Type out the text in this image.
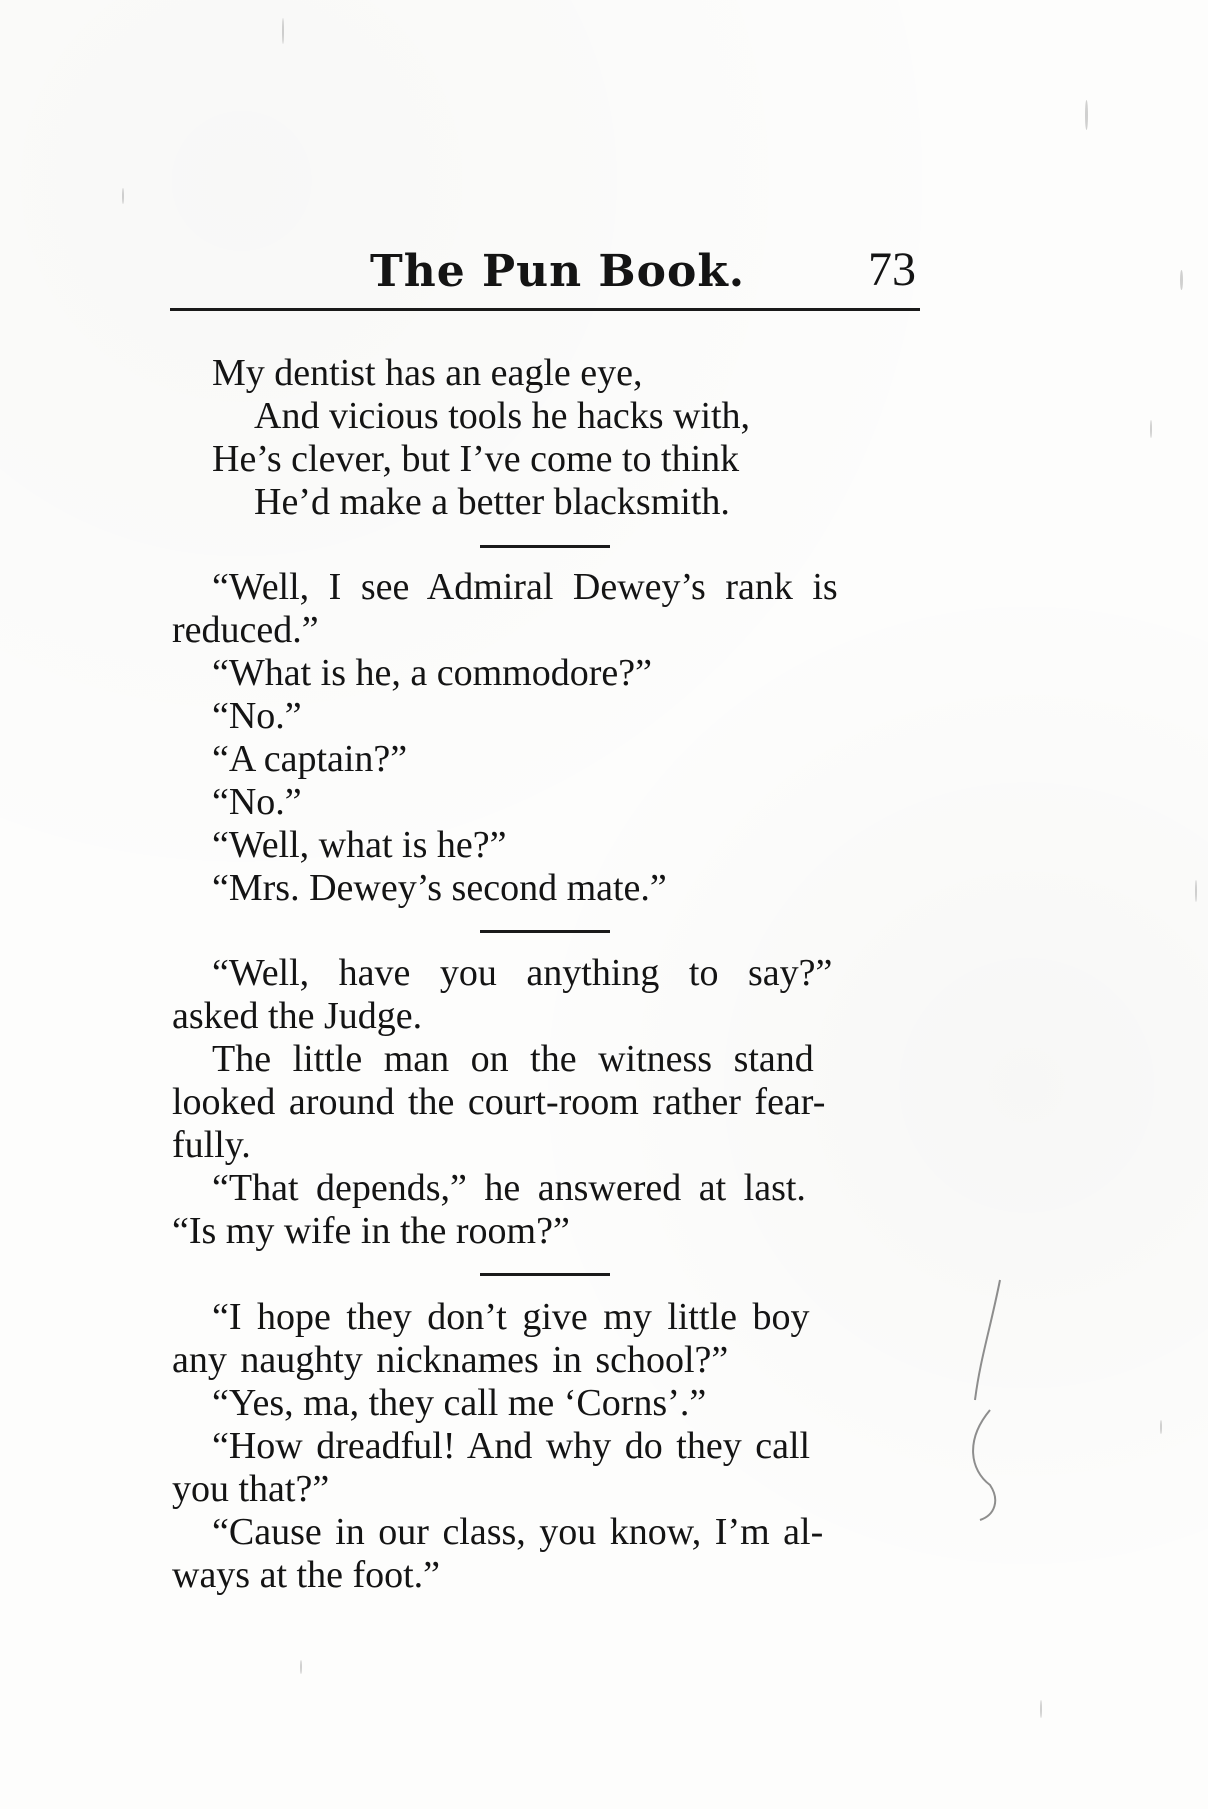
The Pun Book.	73
My dentist has an eagle eye,
And vicious tools he hacks with,
He’s clever, but I’ve come to think
He’d make a better blacksmith.
“Well, I see Admiral Dewey’s rank is
reduced.”
“What is he, a commodore?”
“No.”
“A captain?”
“No.”
“Well, what is he?”
“Mrs. Dewey’s second mate.”
“Well, have you anything to say?”
asked the Judge.
The little man on the witness stand
looked around the court-room rather fear-
fully.
“That depends,” he answered at last.
“Is my wife in the room?”
“I hope they don’t give my little boy
any naughty nicknames in school?”
“Yes, ma, they call me ‘Corns’.”
“How dreadful! And why do they call
you that?”
“Cause in our class, you know, I’m al-
ways at the foot.”
